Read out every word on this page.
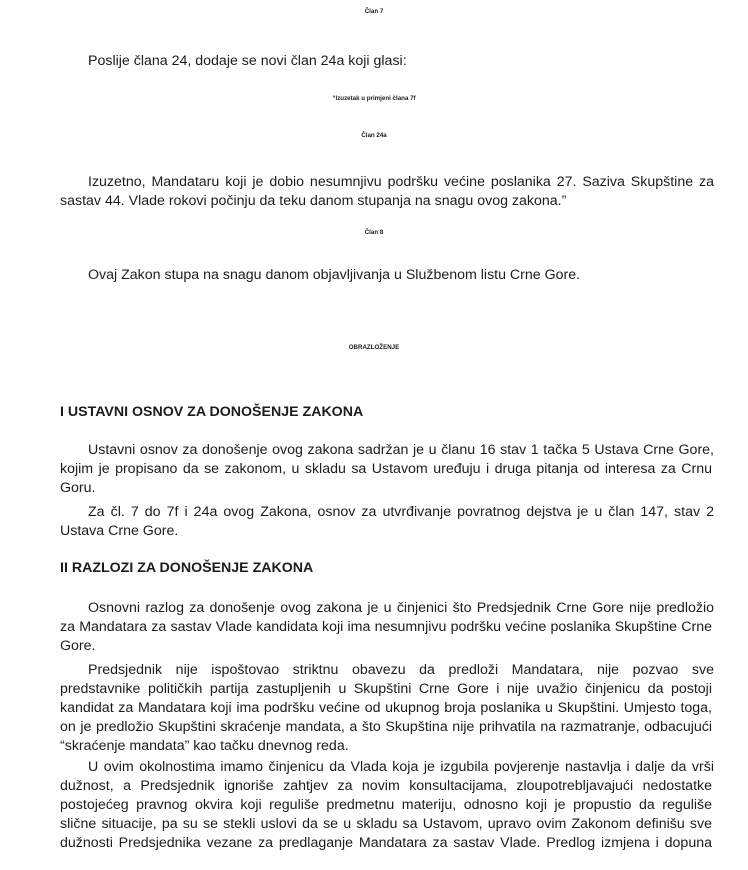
Član 7
Poslije člana 24, dodaje se novi član 24a koji glasi:
“Izuzetak u primjeni člana 7f
Član 24a
Izuzetno, Mandataru koji je dobio nesumnjivu podršku većine poslanika 27. Saziva Skupštine za
sastav 44. Vlade rokovi počinju da teku danom stupanja na snagu ovog zakona.”
Član 8
Ovaj Zakon stupa na snagu danom objavljivanja u Službenom listu Crne Gore.
OBRAZLOŽENJE
I USTAVNI OSNOV ZA DONOŠENJE ZAKONA
Ustavni osnov za donošenje ovog zakona sadržan je u članu 16 stav 1 tačka 5 Ustava Crne Gore,
kojim je propisano da se zakonom, u skladu sa Ustavom uređuju i druga pitanja od interesa za Crnu
Goru.
Za čl. 7 do 7f i 24a ovog Zakona, osnov za utvrđivanje povratnog dejstva je u član 147, stav 2
Ustava Crne Gore.
II RAZLOZI ZA DONOŠENJE ZAKONA
Osnovni razlog za donošenje ovog zakona je u činjenici što Predsjednik Crne Gore nije predložio
za Mandatara za sastav Vlade kandidata koji ima nesumnjivu podršku većine poslanika Skupštine Crne
Gore.
Predsjednik nije ispoštovao striktnu obavezu da predloži Mandatara, nije pozvao sve
predstavnike političkih partija zastupljenih u Skupštini Crne Gore i nije uvažio činjenicu da postoji
kandidat za Mandatara koji ima podršku većine od ukupnog broja poslanika u Skupštini. Umjesto toga,
on je predložio Skupštini skraćenje mandata, a što Skupština nije prihvatila na razmatranje, odbacujući
“skraćenje mandata” kao tačku dnevnog reda.
U ovim okolnostima imamo činjenicu da Vlada koja je izgubila povjerenje nastavlja i dalje da vrši
dužnost, a Predsjednik ignoriše zahtjev za novim konsultacijama, zloupotrebljavajući nedostatke
postojećeg pravnog okvira koji reguliše predmetnu materiju, odnosno koji je propustio da reguliše
slične situacije, pa su se stekli uslovi da se u skladu sa Ustavom, upravo ovim Zakonom definišu sve
dužnosti Predsjednika vezane za predlaganje Mandatara za sastav Vlade. Predlog izmjena i dopuna
